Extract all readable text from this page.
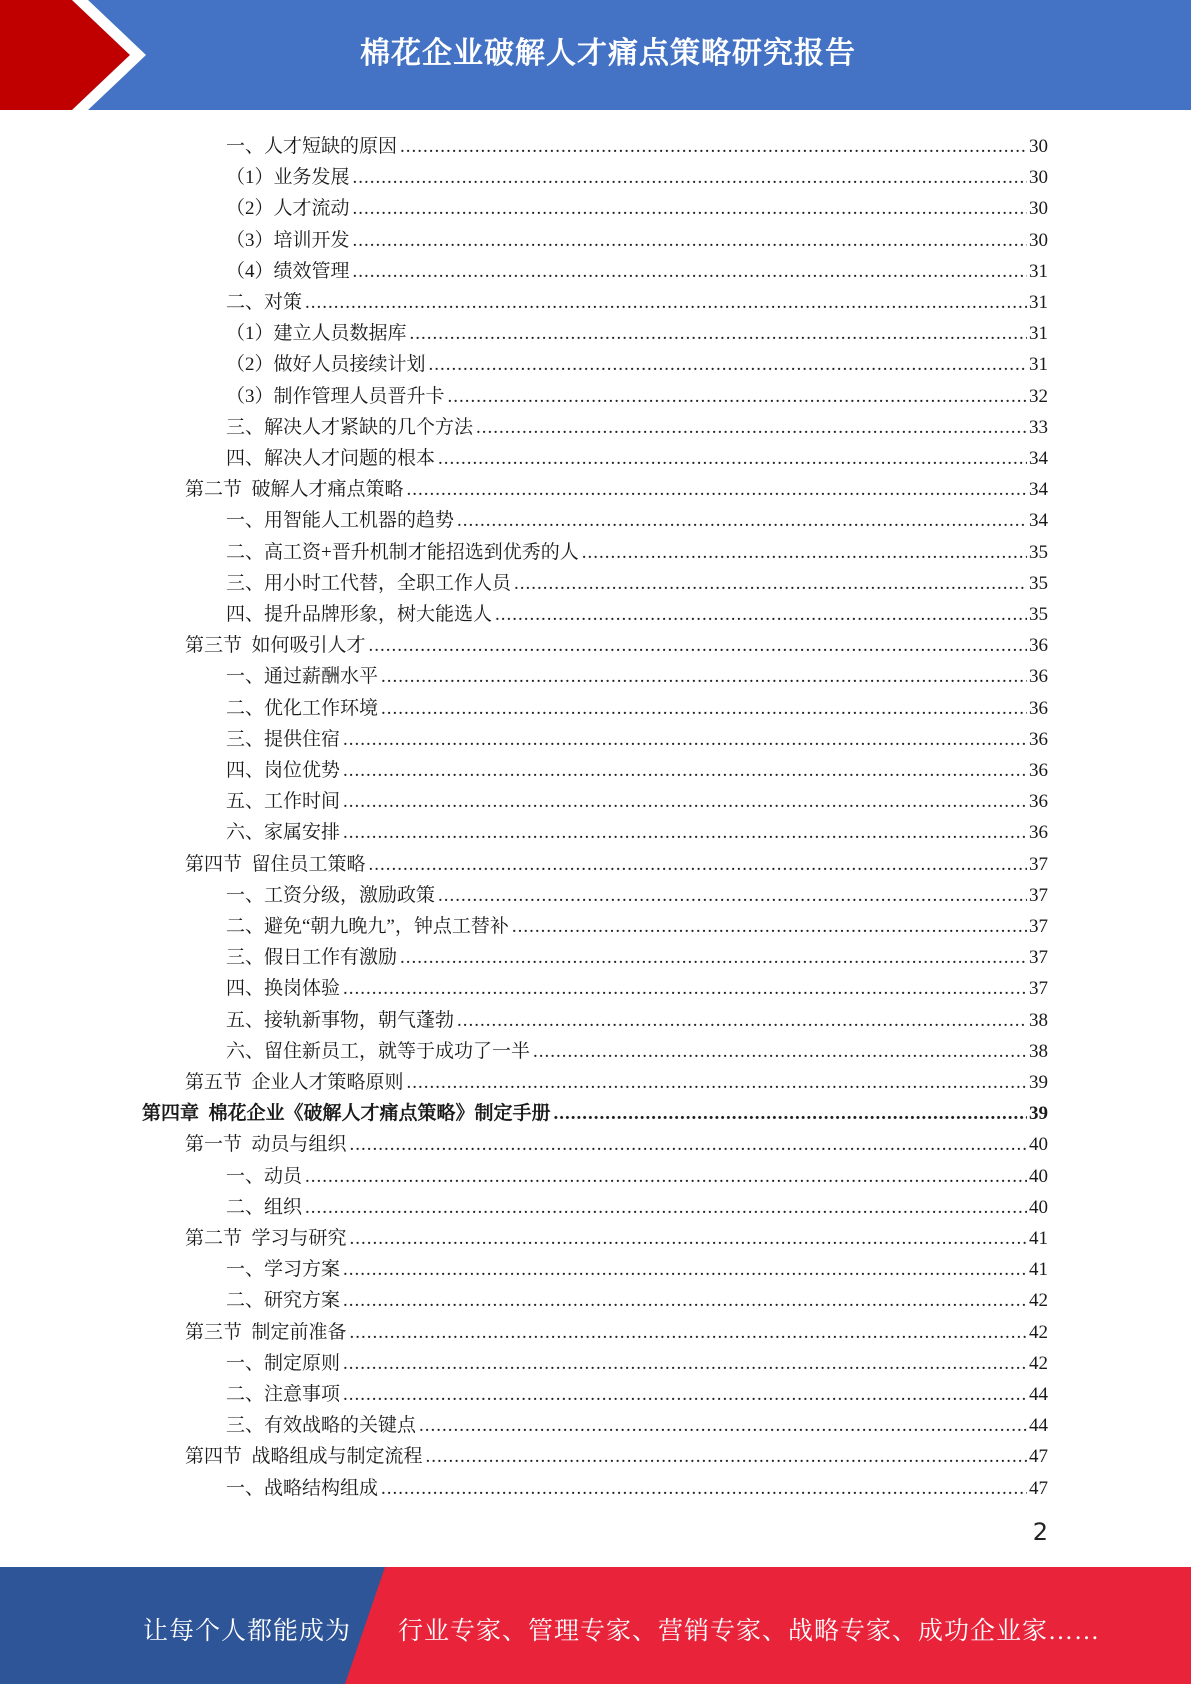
棉花企业破解人才痛点策略研究报告
一、人才短缺的原因 .....	30
（1）业务发展 .....	30
（2）人才流动 .....	30
（3）培训开发 .....	30
（4）绩效管理 .....	31
二、对策 .....	31
（1）建立人员数据库 .....	31
（2）做好人员接续计划 .....	31
（3）制作管理人员晋升卡 .....	32
三、解决人才紧缺的几个方法 .....	33
四、解决人才问题的根本 .....	34
第二节  破解人才痛点策略 .....	34
一、用智能人工机器的趋势 .....	34
二、高工资+晋升机制才能招选到优秀的人 .....	35
三、用小时工代替，全职工作人员 .....	35
四、提升品牌形象，树大能选人 .....	35
第三节  如何吸引人才 .....	36
一、通过薪酬水平 .....	36
二、优化工作环境 .....	36
三、提供住宿 .....	36
四、岗位优势 .....	36
五、工作时间 .....	36
六、家属安排 .....	36
第四节  留住员工策略 .....	37
一、工资分级，激励政策 .....	37
二、避免“朝九晚九”，钟点工替补 .....	37
三、假日工作有激励 .....	37
四、换岗体验 .....	37
五、接轨新事物，朝气蓬勃 .....	38
六、留住新员工，就等于成功了一半 .....	38
第五节  企业人才策略原则 .....	39
第四章  棉花企业《破解人才痛点策略》制定手册 .....	39
第一节  动员与组织 .....	40
一、动员 .....	40
二、组织 .....	40
第二节  学习与研究 .....	41
一、学习方案 .....	41
二、研究方案 .....	42
第三节  制定前准备 .....	42
一、制定原则 .....	42
二、注意事项 .....	44
三、有效战略的关键点 .....	44
第四节  战略组成与制定流程 .....	47
一、战略结构组成 .....	47
2
让每个人都能成为 行业专家、管理专家、营销专家、战略专家、成功企业家……
